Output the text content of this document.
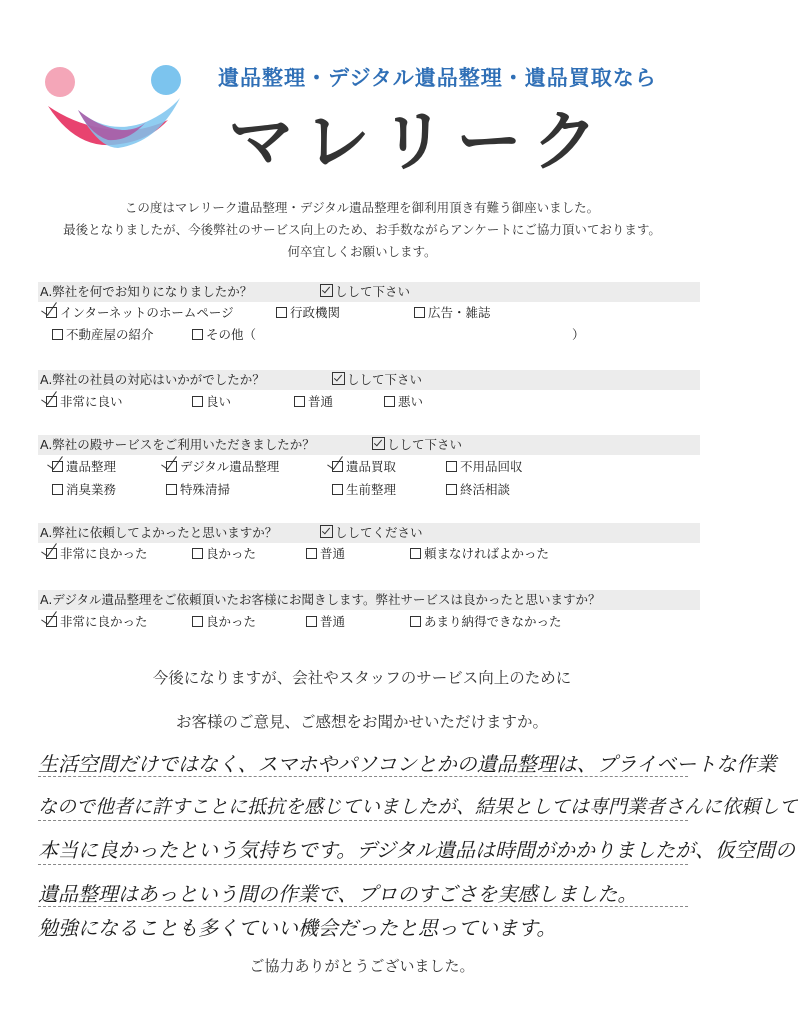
遺品整理・デジタル遺品整理・遺品買取なら
マレリーク
この度はマレリーク遺品整理・デジタル遺品整理を御利用頂き有難う御座いました。
最後となりましたが、今後弊社のサービス向上のため、お手数ながらアンケートにご協力頂いております。
何卒宜しくお願いします。
A.弊社を何でお知りになりましたか？	しして下さい
インターネットのホームページ	行政機関	広告・雑誌
不動産屋の紹介	その他（	）
A.弊社の社員の対応はいかがでしたか？	しして下さい
非常に良い	良い	普通	悪い
A.弊社の殿サービスをご利用いただきましたか？	しして下さい
遺品整理	デジタル遺品整理	遺品買取	不用品回収
消臭業務	特殊清掃	生前整理	終活相談
A.弊社に依頼してよかったと思いますか？	ししてください
非常に良かった	良かった	普通	頼まなければよかった
A.デジタル遺品整理をご依頼頂いたお客様にお聞きします。弊社サービスは良かったと思いますか？
非常に良かった	良かった	普通	あまり納得できなかった
今後になりますが、会社やスタッフのサービス向上のために
お客様のご意見、ご感想をお聞かせいただけますか。
生活空間だけではなく、スマホやパソコンとかの遺品整理は、プライベートな作業
なので他者に許すことに抵抗を感じていましたが、結果としては専門業者さんに依頼して
本当に良かったという気持ちです。デジタル遺品は時間がかかりましたが、仮空間の
遺品整理はあっという間の作業で、プロのすごさを実感しました。
勉強になることも多くていい機会だったと思っています。
ご協力ありがとうございました。
